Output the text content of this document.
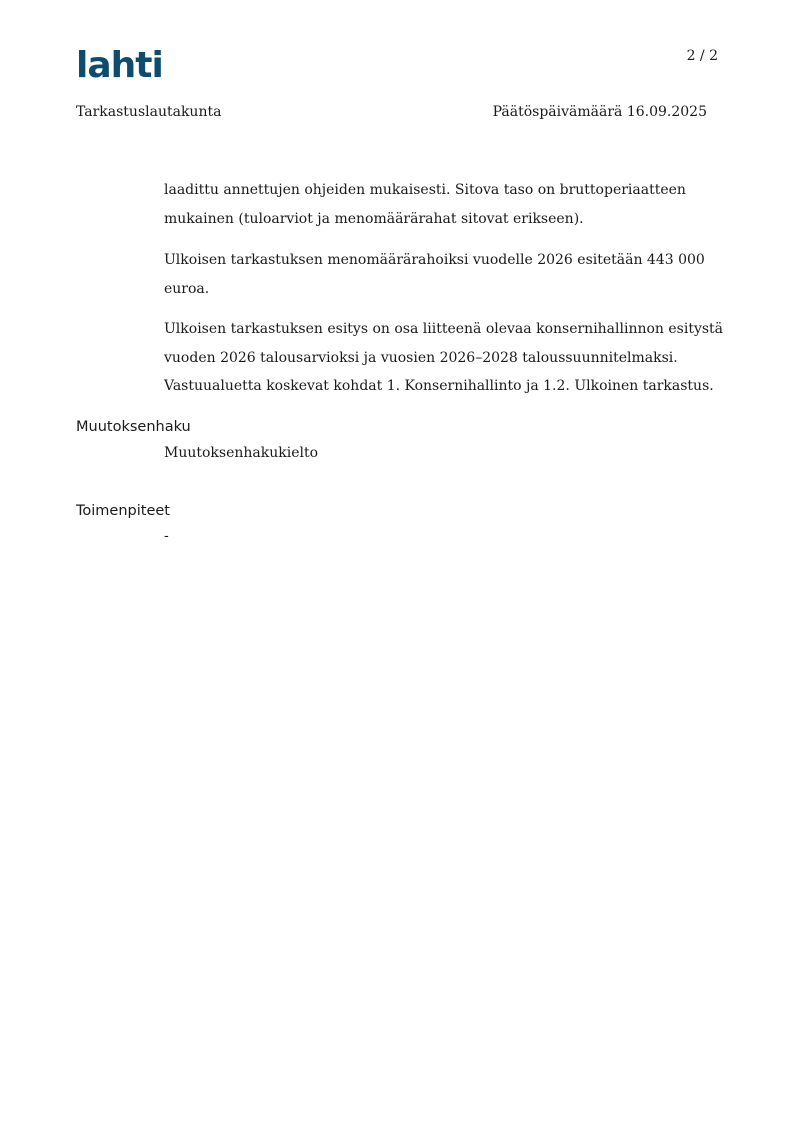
lahti	2 / 2
Tarkastuslautakunta	Päätöspäivämäärä 16.09.2025
laadittu annettujen ohjeiden mukaisesti. Sitova taso on bruttoperiaatteen
mukainen (tuloarviot ja menomäärärahat sitovat erikseen).
Ulkoisen tarkastuksen menomäärärahoiksi vuodelle 2026 esitetään 443 000
euroa.
Ulkoisen tarkastuksen esitys on osa liitteenä olevaa konsernihallinnon esitystä
vuoden 2026 talousarvioksi ja vuosien 2026–2028 taloussuunnitelmaksi.
Vastuualuetta koskevat kohdat 1. Konsernihallinto ja 1.2. Ulkoinen tarkastus.
Muutoksenhaku
Muutoksenhakukielto
Toimenpiteet
-
